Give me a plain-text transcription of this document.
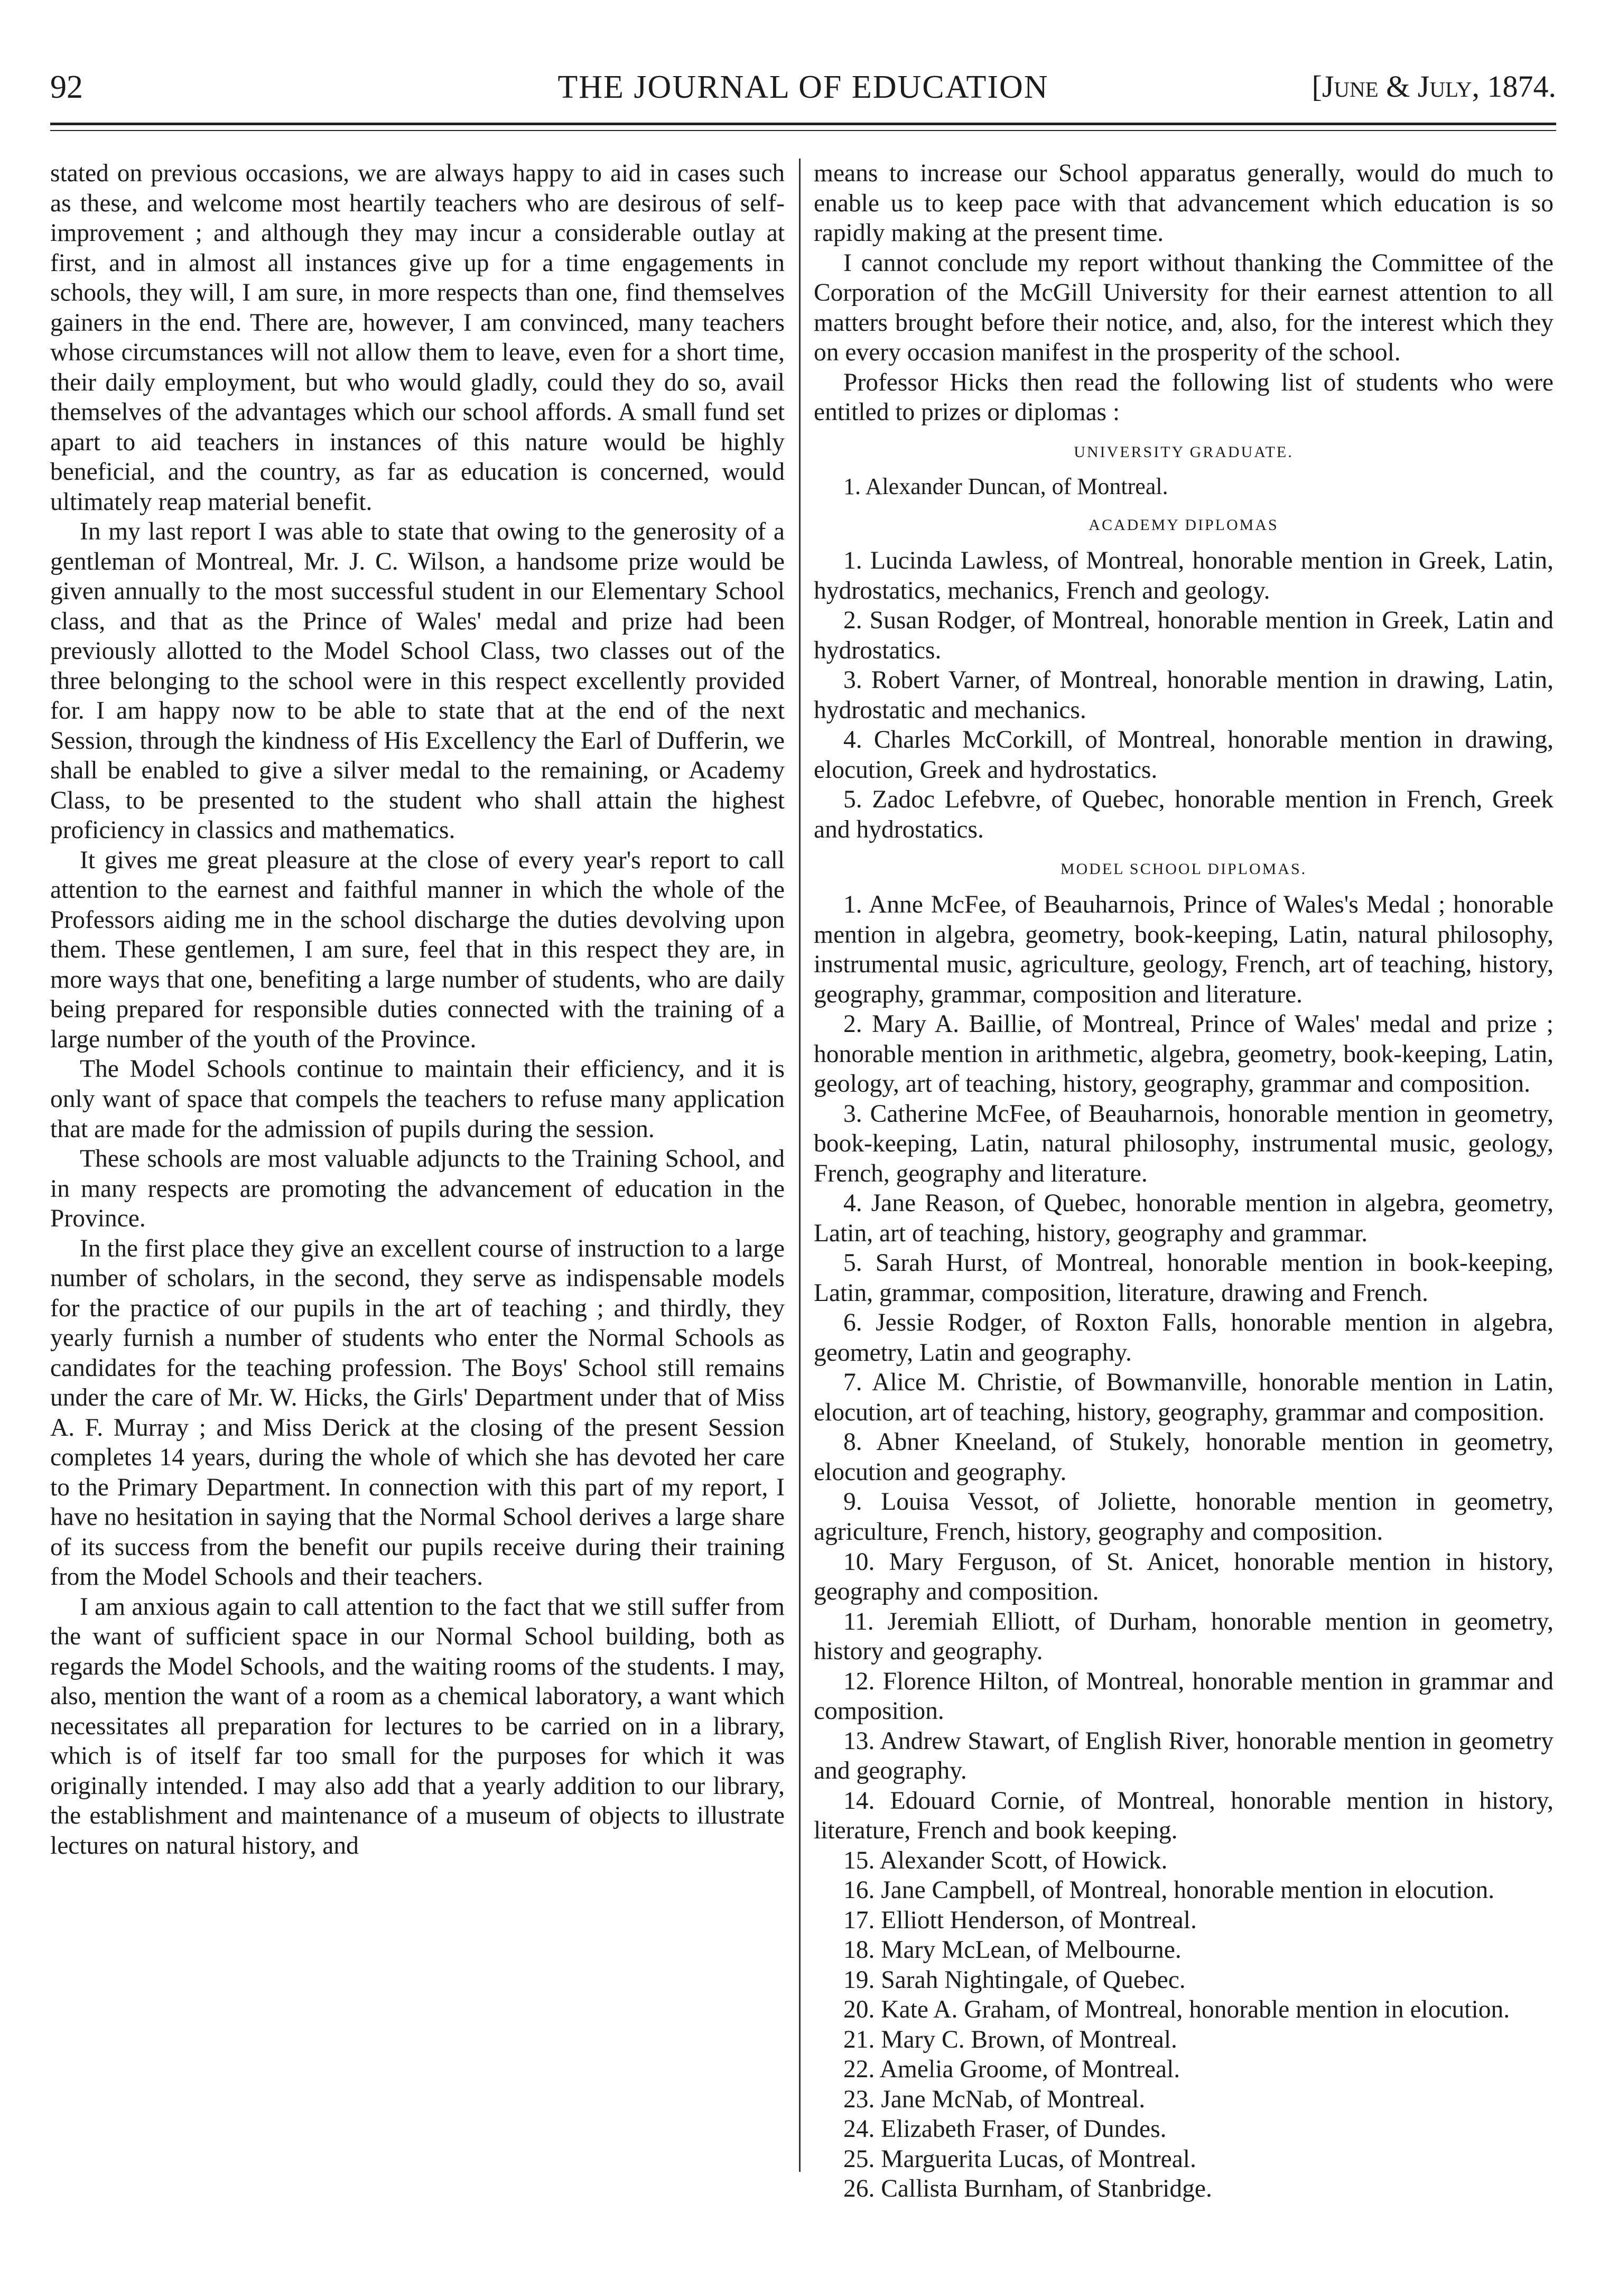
92	THE JOURNAL OF EDUCATION	[June & July, 1874.

stated on previous occasions, we are always happy to aid in cases such as these, and welcome most heartily teachers who are desirous of self-improvement ; and although they may incur a considerable outlay at first, and in almost all instances give up for a time engagements in schools, they will, I am sure, in more respects than one, find themselves gainers in the end. There are, however, I am convinced, many teachers whose circumstances will not allow them to leave, even for a short time, their daily employment, but who would gladly, could they do so, avail themselves of the advantages which our school affords. A small fund set apart to aid teachers in instances of this nature would be highly beneficial, and the country, as far as education is concerned, would ultimately reap material benefit.

In my last report I was able to state that owing to the generosity of a gentleman of Montreal, Mr. J. C. Wilson, a handsome prize would be given annually to the most successful student in our Elementary School class, and that as the Prince of Wales' medal and prize had been previously allotted to the Model School Class, two classes out of the three belonging to the school were in this respect excellently provided for. I am happy now to be able to state that at the end of the next Session, through the kindness of His Excellency the Earl of Dufferin, we shall be enabled to give a silver medal to the remaining, or Academy Class, to be presented to the student who shall attain the highest proficiency in classics and mathematics.

It gives me great pleasure at the close of every year's report to call attention to the earnest and faithful manner in which the whole of the Professors aiding me in the school discharge the duties devolving upon them. These gentlemen, I am sure, feel that in this respect they are, in more ways that one, benefiting a large number of students, who are daily being prepared for responsible duties connected with the training of a large number of the youth of the Province.

The Model Schools continue to maintain their efficiency, and it is only want of space that compels the teachers to refuse many application that are made for the admission of pupils during the session.

These schools are most valuable adjuncts to the Training School, and in many respects are promoting the advancement of education in the Province.

In the first place they give an excellent course of instruction to a large number of scholars, in the second, they serve as indispensable models for the practice of our pupils in the art of teaching ; and thirdly, they yearly furnish a number of students who enter the Normal Schools as candidates for the teaching profession. The Boys' School still remains under the care of Mr. W. Hicks, the Girls' Department under that of Miss A. F. Murray ; and Miss Derick at the closing of the present Session completes 14 years, during the whole of which she has devoted her care to the Primary Department. In connection with this part of my report, I have no hesitation in saying that the Normal School derives a large share of its success from the benefit our pupils receive during their training from the Model Schools and their teachers.

I am anxious again to call attention to the fact that we still suffer from the want of sufficient space in our Normal School building, both as regards the Model Schools, and the waiting rooms of the students. I may, also, mention the want of a room as a chemical laboratory, a want which necessitates all preparation for lectures to be carried on in a library, which is of itself far too small for the purposes for which it was originally intended. I may also add that a yearly addition to our library, the establishment and maintenance of a museum of objects to illustrate lectures on natural history, and

means to increase our School apparatus generally, would do much to enable us to keep pace with that advancement which education is so rapidly making at the present time.

I cannot conclude my report without thanking the Committee of the Corporation of the McGill University for their earnest attention to all matters brought before their notice, and, also, for the interest which they on every occasion manifest in the prosperity of the school.

Professor Hicks then read the following list of students who were entitled to prizes or diplomas :

UNIVERSITY GRADUATE.

1. Alexander Duncan, of Montreal.

ACADEMY DIPLOMAS

1. Lucinda Lawless, of Montreal, honorable mention in Greek, Latin, hydrostatics, mechanics, French and geology.

2. Susan Rodger, of Montreal, honorable mention in Greek, Latin and hydrostatics.

3. Robert Varner, of Montreal, honorable mention in drawing, Latin, hydrostatic and mechanics.

4. Charles McCorkill, of Montreal, honorable mention in drawing, elocution, Greek and hydrostatics.

5. Zadoc Lefebvre, of Quebec, honorable mention in French, Greek and hydrostatics.

MODEL SCHOOL DIPLOMAS.

1. Anne McFee, of Beauharnois, Prince of Wales's Medal ; honorable mention in algebra, geometry, book-keeping, Latin, natural philosophy, instrumental music, agriculture, geology, French, art of teaching, history, geography, grammar, composition and literature.

2. Mary A. Baillie, of Montreal, Prince of Wales' medal and prize ; honorable mention in arithmetic, algebra, geometry, book-keeping, Latin, geology, art of teaching, history, geography, grammar and composition.

3. Catherine McFee, of Beauharnois, honorable mention in geometry, book-keeping, Latin, natural philosophy, instrumental music, geology, French, geography and literature.

4. Jane Reason, of Quebec, honorable mention in algebra, geometry, Latin, art of teaching, history, geography and grammar.

5. Sarah Hurst, of Montreal, honorable mention in book-keeping, Latin, grammar, composition, literature, drawing and French.

6. Jessie Rodger, of Roxton Falls, honorable mention in algebra, geometry, Latin and geography.

7. Alice M. Christie, of Bowmanville, honorable mention in Latin, elocution, art of teaching, history, geography, grammar and composition.

8. Abner Kneeland, of Stukely, honorable mention in geometry, elocution and geography.

9. Louisa Vessot, of Joliette, honorable mention in geometry, agriculture, French, history, geography and composition.

10. Mary Ferguson, of St. Anicet, honorable mention in history, geography and composition.

11. Jeremiah Elliott, of Durham, honorable mention in geometry, history and geography.

12. Florence Hilton, of Montreal, honorable mention in grammar and composition.

13. Andrew Stawart, of English River, honorable mention in geometry and geography.

14. Edouard Cornie, of Montreal, honorable mention in history, literature, French and book keeping.

15. Alexander Scott, of Howick.

16. Jane Campbell, of Montreal, honorable mention in elocution.

17. Elliott Henderson, of Montreal.

18. Mary McLean, of Melbourne.

19. Sarah Nightingale, of Quebec.

20. Kate A. Graham, of Montreal, honorable mention in elocution.

21. Mary C. Brown, of Montreal.

22. Amelia Groome, of Montreal.

23. Jane McNab, of Montreal.

24. Elizabeth Fraser, of Dundes.

25. Marguerita Lucas, of Montreal.

26. Callista Burnham, of Stanbridge.
